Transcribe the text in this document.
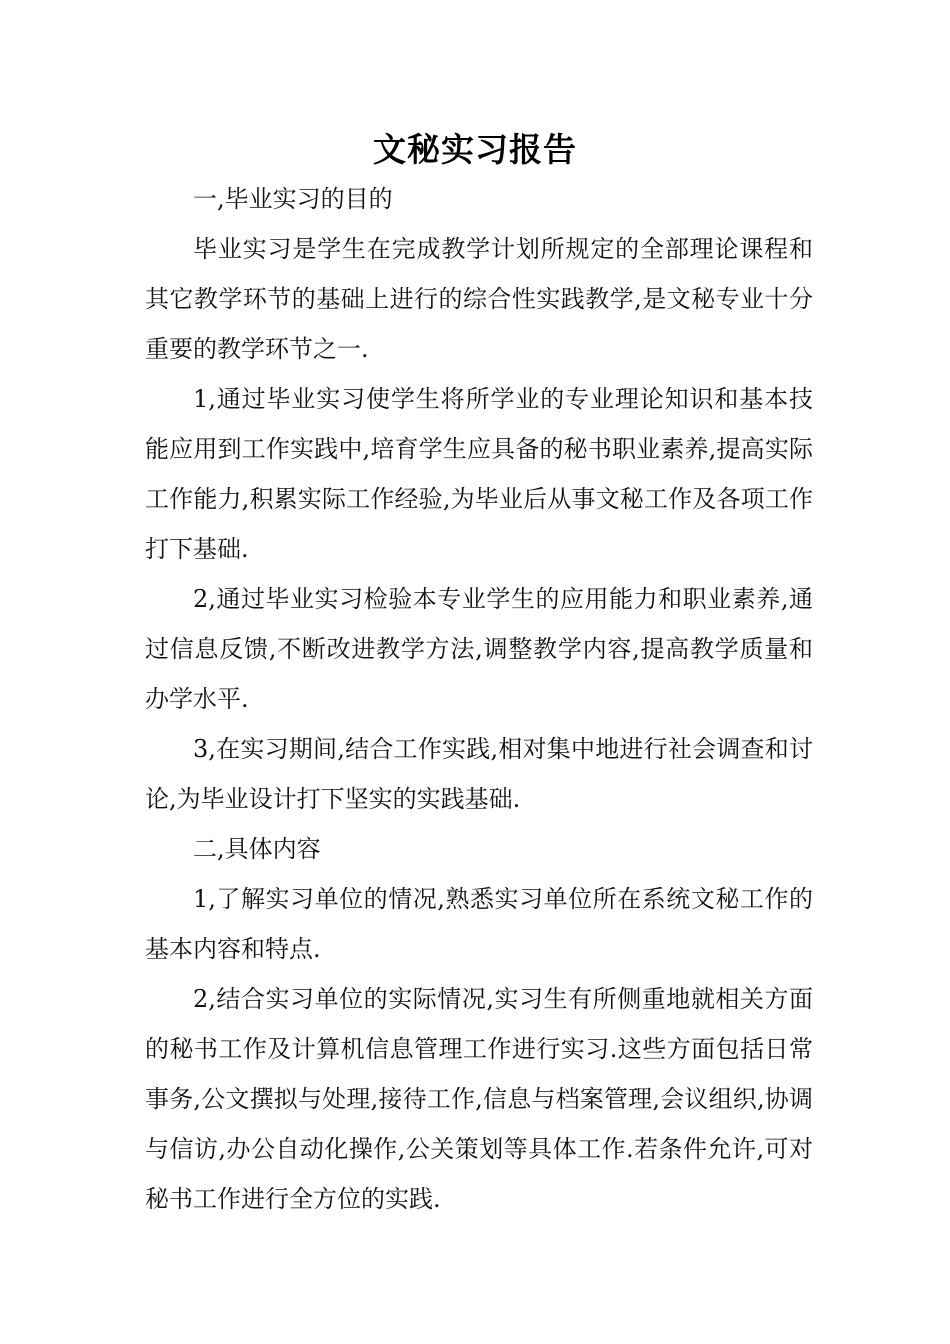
文秘实习报告

一,毕业实习的目的

毕业实习是学生在完成教学计划所规定的全部理论课程和其它教学环节的基础上进行的综合性实践教学,是文秘专业十分重要的教学环节之一.

1,通过毕业实习使学生将所学业的专业理论知识和基本技能应用到工作实践中,培育学生应具备的秘书职业素养,提高实际工作能力,积累实际工作经验,为毕业后从事文秘工作及各项工作打下基础.

2,通过毕业实习检验本专业学生的应用能力和职业素养,通过信息反馈,不断改进教学方法,调整教学内容,提高教学质量和办学水平.

3,在实习期间,结合工作实践,相对集中地进行社会调查和讨论,为毕业设计打下坚实的实践基础.

二,具体内容

1,了解实习单位的情况,熟悉实习单位所在系统文秘工作的基本内容和特点.

2,结合实习单位的实际情况,实习生有所侧重地就相关方面的秘书工作及计算机信息管理工作进行实习.这些方面包括日常事务,公文撰拟与处理,接待工作,信息与档案管理,会议组织,协调与信访,办公自动化操作,公关策划等具体工作.若条件允许,可对秘书工作进行全方位的实践.
